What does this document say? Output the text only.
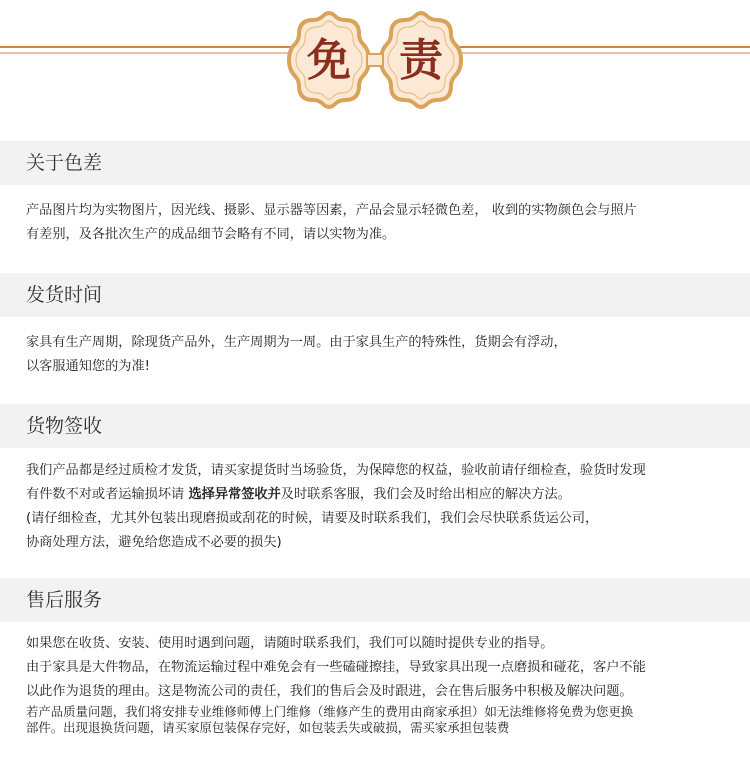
免	责
关于色差
产品图片均为实物图片，因光线、摄影、显示器等因素，产品会显示轻微色差， 收到的实物颜色会与照片
有差别，及各批次生产的成品细节会略有不同，请以实物为准。
发货时间
家具有生产周期，除现货产品外，生产周期为一周。由于家具生产的特殊性，货期会有浮动，
以客服通知您的为准!
货物签收
我们产品都是经过质检才发货，请买家提货时当场验货，为保障您的权益，验收前请仔细检查，验货时发现
有件数不对或者运输损坏请 选择异常签收并及时联系客服，我们会及时给出相应的解决方法。
(请仔细检查，尤其外包装出现磨损或刮花的时候，请要及时联系我们，我们会尽快联系货运公司，
协商处理方法，避免给您造成不必要的损失)
售后服务
如果您在收货、安装、使用时遇到问题，请随时联系我们，我们可以随时提供专业的指导。
由于家具是大件物品，在物流运输过程中难免会有一些磕碰擦挂，导致家具出现一点磨损和碰花，客户不能
以此作为退货的理由。这是物流公司的责任，我们的售后会及时跟进，会在售后服务中积极及解决问题。
若产品质量问题，我们将安排专业维修师傅上门维修（维修产生的费用由商家承担）如无法维修将免费为您更换
部件。出现退换货问题，请买家原包装保存完好，如包装丢失或破损，需买家承担包装费
